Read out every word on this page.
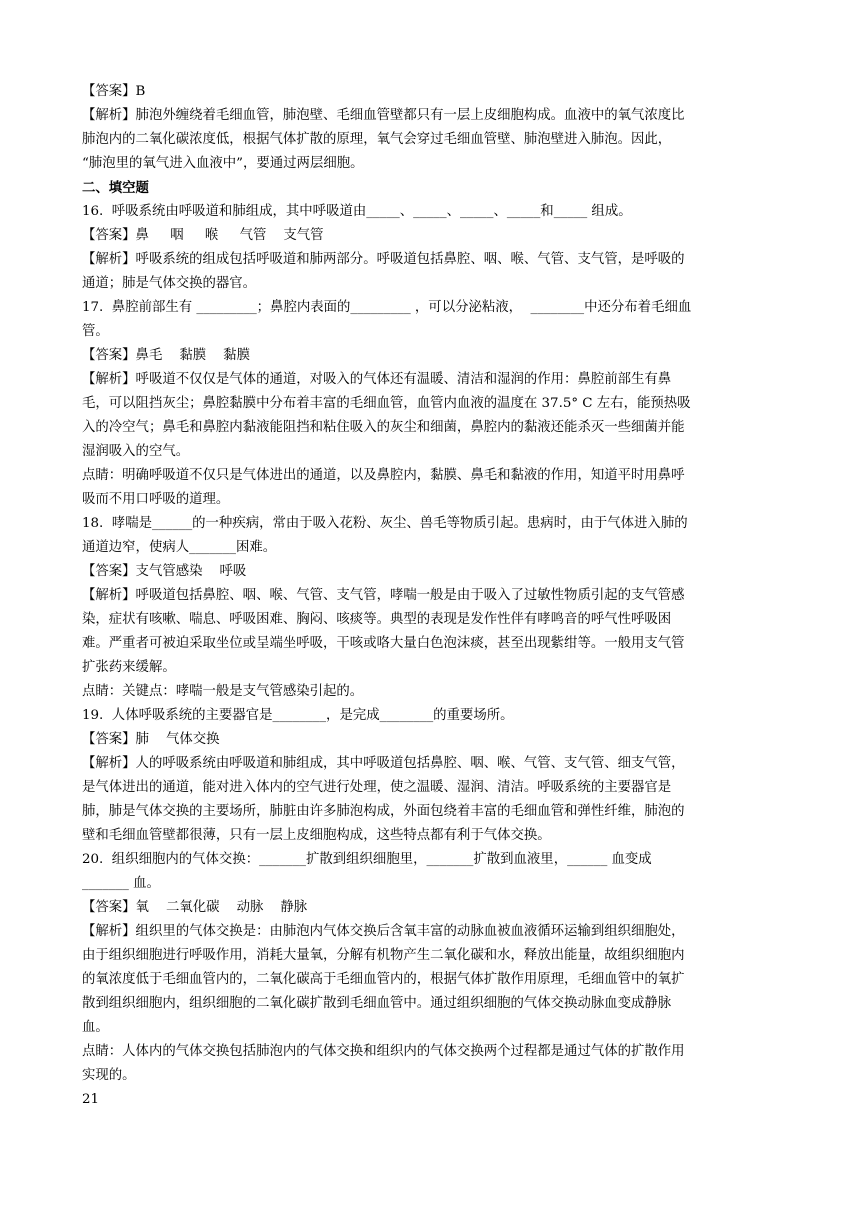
【答案】B
【解析】肺泡外缠绕着毛细血管，肺泡壁、毛细血管壁都只有一层上皮细胞构成。血液中的氧气浓度比
肺泡内的二氧化碳浓度低，根据气体扩散的原理，氧气会穿过毛细血管壁、肺泡壁进入肺泡。因此，
“肺泡里的氧气进入血液中”，要通过两层细胞。
二、填空题
16.  呼吸系统由呼吸道和肺组成，其中呼吸道由_____、_____、_____、_____和_____ 组成。
【答案】鼻     咽     喉     气管    支气管
【解析】呼吸系统的组成包括呼吸道和肺两部分。呼吸道包括鼻腔、咽、喉、气管、支气管，是呼吸的
通道；肺是气体交换的器官。
17.  鼻腔前部生有 _________；鼻腔内表面的_________ ，可以分泌粘液，  ________中还分布着毛细血
管。
【答案】鼻毛    黏膜    黏膜
【解析】呼吸道不仅仅是气体的通道，对吸入的气体还有温暖、清洁和湿润的作用：鼻腔前部生有鼻
毛，可以阻挡灰尘；鼻腔黏膜中分布着丰富的毛细血管，血管内血液的温度在 37.5° C 左右，能预热吸
入的冷空气；鼻毛和鼻腔内黏液能阻挡和粘住吸入的灰尘和细菌，鼻腔内的黏液还能杀灭一些细菌并能
湿润吸入的空气。
点睛：明确呼吸道不仅只是气体进出的通道，以及鼻腔内，黏膜、鼻毛和黏液的作用，知道平时用鼻呼
吸而不用口呼吸的道理。
18.  哮喘是______的一种疾病，常由于吸入花粉、灰尘、兽毛等物质引起。患病时，由于气体进入肺的
通道边窄，使病人_______困难。
【答案】支气管感染    呼吸
【解析】呼吸道包括鼻腔、咽、喉、气管、支气管，哮喘一般是由于吸入了过敏性物质引起的支气管感
染，症状有咳嗽、喘息、呼吸困难、胸闷、咳痰等。典型的表现是发作性伴有哮鸣音的呼气性呼吸困
难。严重者可被迫采取坐位或呈端坐呼吸，干咳或咯大量白色泡沫痰，甚至出现紫绀等。一般用支气管
扩张药来缓解。
点睛：关键点：哮喘一般是支气管感染引起的。
19.  人体呼吸系统的主要器官是________，是完成________的重要场所。
【答案】肺    气体交换
【解析】人的呼吸系统由呼吸道和肺组成，其中呼吸道包括鼻腔、咽、喉、气管、支气管、细支气管，
是气体进出的通道，能对进入体内的空气进行处理，使之温暖、湿润、清洁。呼吸系统的主要器官是
肺，肺是气体交换的主要场所，肺脏由许多肺泡构成，外面包绕着丰富的毛细血管和弹性纤维，肺泡的
壁和毛细血管壁都很薄，只有一层上皮细胞构成，这些特点都有利于气体交换。
20.  组织细胞内的气体交换：_______扩散到组织细胞里，_______扩散到血液里，______ 血变成
_______ 血。
【答案】氧    二氧化碳    动脉    静脉
【解析】组织里的气体交换是：由肺泡内气体交换后含氧丰富的动脉血被血液循环运输到组织细胞处，
由于组织细胞进行呼吸作用，消耗大量氧，分解有机物产生二氧化碳和水，释放出能量，故组织细胞内
的氧浓度低于毛细血管内的，二氧化碳高于毛细血管内的，根据气体扩散作用原理，毛细血管中的氧扩
散到组织细胞内，组织细胞的二氧化碳扩散到毛细血管中。通过组织细胞的气体交换动脉血变成静脉
血。
点睛：人体内的气体交换包括肺泡内的气体交换和组织内的气体交换两个过程都是通过气体的扩散作用
实现的。
21
